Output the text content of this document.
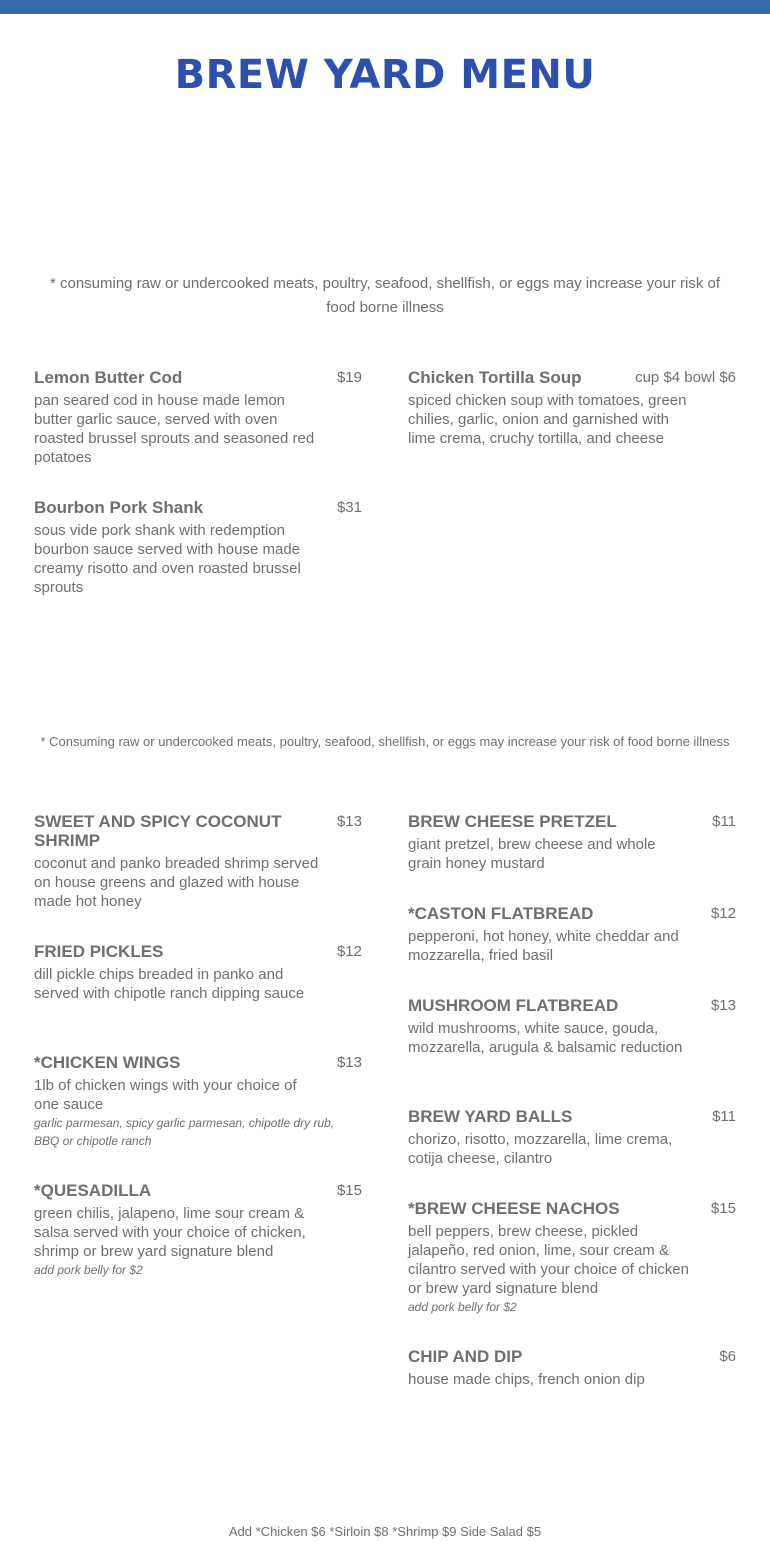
BREW YARD MENU

* consuming raw or undercooked meats, poultry, seafood, shellfish, or eggs may increase your risk of food borne illness

Lemon Butter Cod	$19

pan seared cod in house made lemon butter garlic sauce, served with oven roasted brussel sprouts and seasoned red potatoes

Bourbon Pork Shank	$31

sous vide pork shank with redemption bourbon sauce served with house made creamy risotto and oven roasted brussel sprouts

Chicken Tortilla Soup	cup $4 bowl $6

spiced chicken soup with tomatoes, green chilies, garlic, onion and garnished with lime crema, cruchy tortilla, and cheese

* Consuming raw or undercooked meats, poultry, seafood, shellfish, or eggs may increase your risk of food borne illness

SWEET AND SPICY COCONUT SHRIMP
$13

coconut and panko breaded shrimp served on house greens and glazed with house made hot honey

FRIED PICKLES	$12

dill pickle chips breaded in panko and served with chipotle ranch dipping sauce

*CHICKEN WINGS	$13

1lb of chicken wings with your choice of one sauce

garlic parmesan, spicy garlic parmesan, chipotle dry rub, BBQ or chipotle ranch

*QUESADILLA	$15

green chilis, jalapeno, lime sour cream & salsa served with your choice of chicken, shrimp or brew yard signature blend

add pork belly for $2

BREW CHEESE PRETZEL	$11

giant pretzel, brew cheese and whole grain honey mustard

*CASTON FLATBREAD	$12

pepperoni, hot honey, white cheddar and mozzarella, fried basil

MUSHROOM FLATBREAD	$13

wild mushrooms, white sauce, gouda, mozzarella, arugula & balsamic reduction

BREW YARD BALLS	$11

chorizo, risotto, mozzarella, lime crema, cotija cheese, cilantro

*BREW CHEESE NACHOS	$15

bell peppers, brew cheese, pickled jalapeño, red onion, lime, sour cream & cilantro served with your choice of chicken or brew yard signature blend

add pork belly for $2

CHIP AND DIP	$6

house made chips, french onion dip

Add *Chicken $6 *Sirloin $8 *Shrimp $9 Side Salad $5
